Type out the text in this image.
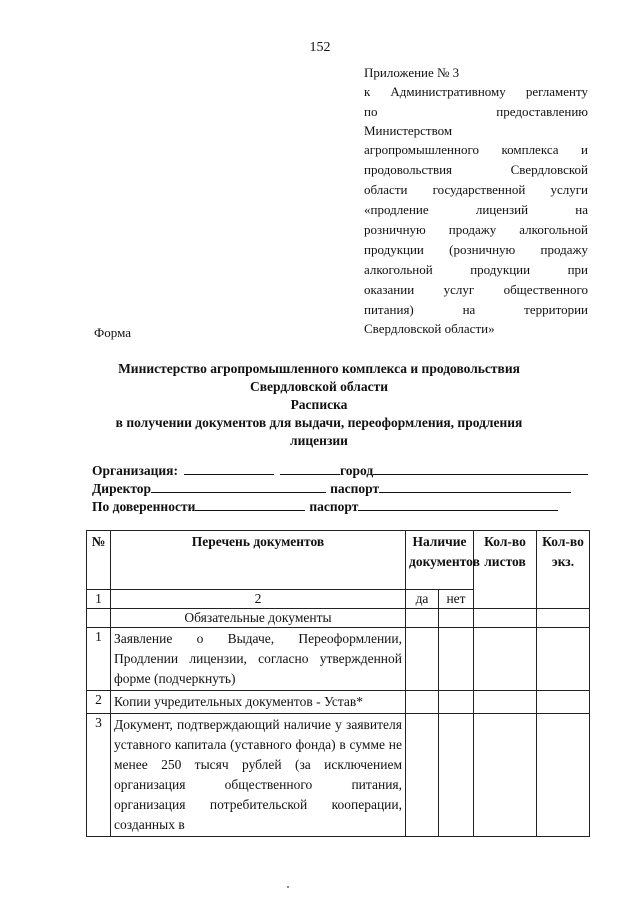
152
Приложение № 3
к Административному регламенту
по предоставлению
Министерством
агропромышленного комплекса и
продовольствия Свердловской
области государственной услуги
«продление лицензий на
розничную продажу алкогольной
продукции (розничную продажу
алкогольной продукции при
оказании услуг общественного
питания) на территории
Свердловской области»
Форма
Министерство агропромышленного комплекса и продовольствия
Свердловской области
Расписка
в получении документов для выдачи, переоформления, продления
лицензии
Организация:	город
Директор	паспорт
По доверенности	паспорт
№	Перечень документов	Наличие документов		Кол-во листов	Кол-во экз.
1	2	да	нет		
	Обязательные документы				
1	Заявление о Выдаче, Переоформлении, Продлении лицензии, согласно утвержденной форме (подчеркнуть)				
2	Копии учредительных документов - Устав*				
3	Документ, подтверждающий наличие у заявителя уставного капитала (уставного фонда) в сумме не менее 250 тысяч рублей (за исключением организация общественного питания, организация потребительской кооперации, созданных в				
